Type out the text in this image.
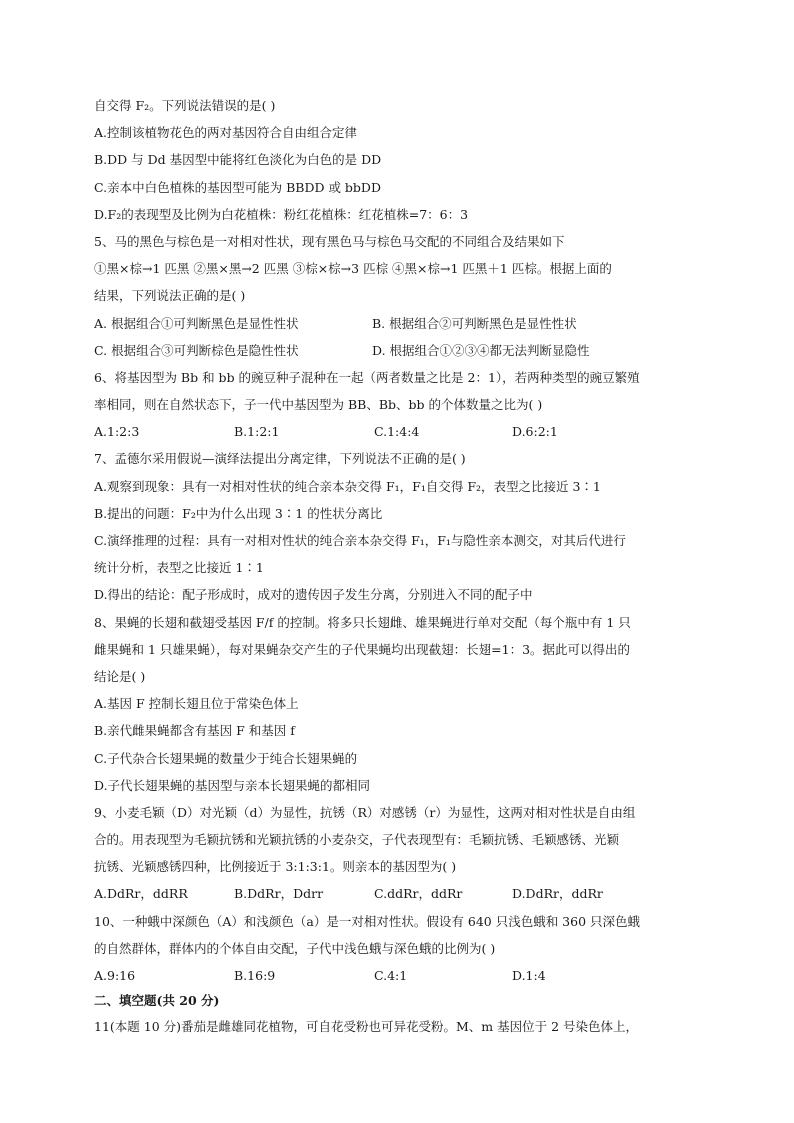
自交得 F₂。下列说法错误的是( )
A.控制该植物花色的两对基因符合自由组合定律
B.DD 与 Dd 基因型中能将红色淡化为白色的是 DD
C.亲本中白色植株的基因型可能为 BBDD 或 bbDD
D.F₂的表现型及比例为白花植株：粉红花植株：红花植株=7：6：3
5、马的黑色与棕色是一对相对性状，现有黑色马与棕色马交配的不同组合及结果如下
①黑×棕→1 匹黑 ②黑×黑→2 匹黑 ③棕×棕→3 匹棕 ④黑×棕→1 匹黑＋1 匹棕。根据上面的
结果，下列说法正确的是( )
A. 根据组合①可判断黑色是显性性状	B. 根据组合②可判断黑色是显性性状
C. 根据组合③可判断棕色是隐性性状	D. 根据组合①②③④都无法判断显隐性
6、将基因型为 Bb 和 bb 的豌豆种子混种在一起（两者数量之比是 2：1），若两种类型的豌豆繁殖
率相同，则在自然状态下，子一代中基因型为 BB、Bb、bb 的个体数量之比为( )
A.1:2:3	B.1:2:1	C.1:4:4	D.6:2:1
7、孟德尔采用假说—演绎法提出分离定律，下列说法不正确的是( )
A.观察到现象：具有一对相对性状的纯合亲本杂交得 F₁，F₁自交得 F₂，表型之比接近 3∶1
B.提出的问题：F₂中为什么出现 3∶1 的性状分离比
C.演绎推理的过程：具有一对相对性状的纯合亲本杂交得 F₁，F₁与隐性亲本测交，对其后代进行
统计分析，表型之比接近 1∶1
D.得出的结论：配子形成时，成对的遗传因子发生分离，分别进入不同的配子中
8、果蝇的长翅和截翅受基因 F/f 的控制。将多只长翅雌、雄果蝇进行单对交配（每个瓶中有 1 只
雌果蝇和 1 只雄果蝇），每对果蝇杂交产生的子代果蝇均出现截翅：长翅=1：3。据此可以得出的
结论是( )
A.基因 F 控制长翅且位于常染色体上
B.亲代雌果蝇都含有基因 F 和基因 f
C.子代杂合长翅果蝇的数量少于纯合长翅果蝇的
D.子代长翅果蝇的基因型与亲本长翅果蝇的都相同
9、小麦毛颖（D）对光颖（d）为显性，抗锈（R）对感锈（r）为显性，这两对相对性状是自由组
合的。用表现型为毛颖抗锈和光颖抗锈的小麦杂交，子代表现型有：毛颖抗锈、毛颖感锈、光颖
抗锈、光颖感锈四种，比例接近于 3:1:3:1。则亲本的基因型为( )
A.DdRr，ddRR	B.DdRr，Ddrr	C.ddRr，ddRr	D.DdRr，ddRr
10、一种蛾中深颜色（A）和浅颜色（a）是一对相对性状。假设有 640 只浅色蛾和 360 只深色蛾
的自然群体，群体内的个体自由交配，子代中浅色蛾与深色蛾的比例为( )
A.9:16	B.16:9	C.4:1	D.1:4
二、填空题(共 20 分)
11(本题 10 分)番茄是雌雄同花植物，可自花受粉也可异花受粉。M、m 基因位于 2 号染色体上，
